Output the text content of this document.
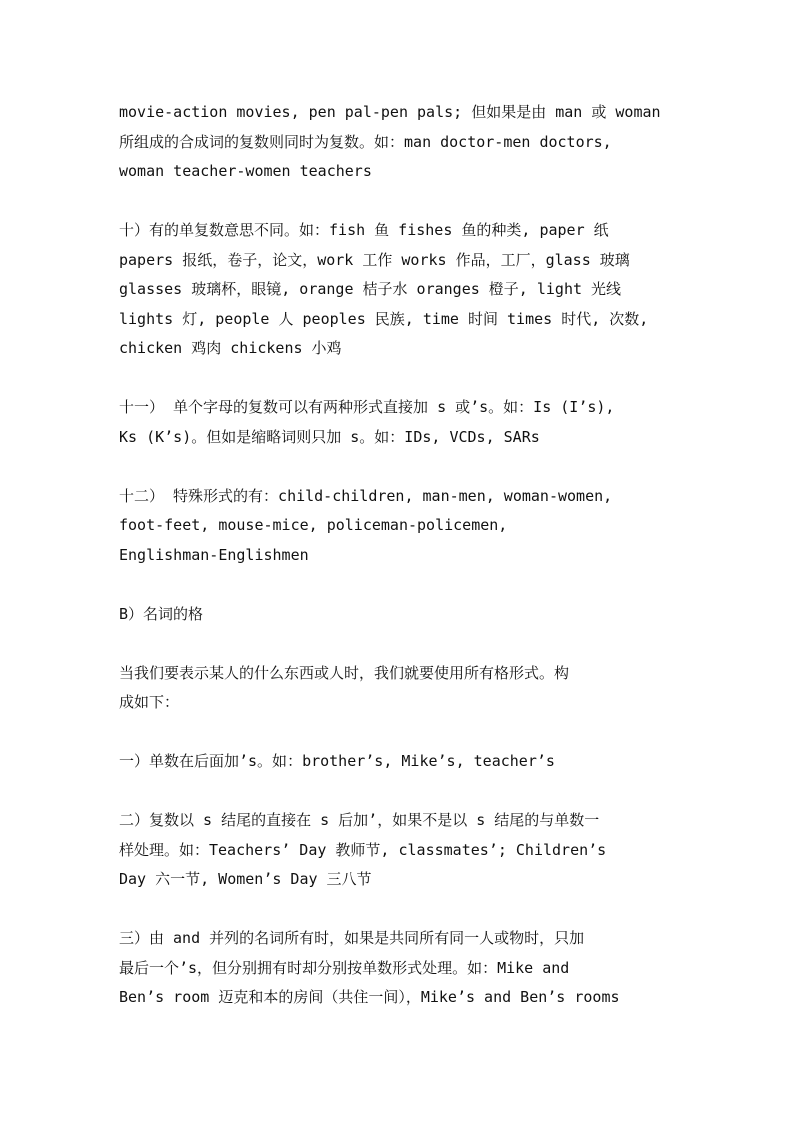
movie-action movies, pen pal-pen pals; 但如果是由 man 或 woman
所组成的合成词的复数则同时为复数。如：man doctor-men doctors,
woman teacher-women teachers

十）有的单复数意思不同。如：fish 鱼 fishes 鱼的种类, paper 纸
papers 报纸，卷子，论文，work 工作 works 作品，工厂，glass 玻璃
glasses 玻璃杯，眼镜, orange 桔子水 oranges 橙子, light 光线
lights 灯, people 人 peoples 民族, time 时间 times 时代, 次数,
chicken 鸡肉 chickens 小鸡

十一） 单个字母的复数可以有两种形式直接加 s 或’s。如：Is (I’s),
Ks (K’s)。但如是缩略词则只加 s。如：IDs, VCDs, SARs

十二） 特殊形式的有：child-children, man-men, woman-women,
foot-feet, mouse-mice, policeman-policemen,
Englishman-Englishmen

B）名词的格

当我们要表示某人的什么东西或人时，我们就要使用所有格形式。构
成如下：

一）单数在后面加’s。如：brother’s, Mike’s, teacher’s

二）复数以 s 结尾的直接在 s 后加’，如果不是以 s 结尾的与单数一
样处理。如：Teachers’ Day 教师节, classmates’; Children’s
Day 六一节, Women’s Day 三八节

三）由 and 并列的名词所有时，如果是共同所有同一人或物时，只加
最后一个’s，但分别拥有时却分别按单数形式处理。如：Mike and
Ben’s room 迈克和本的房间（共住一间），Mike’s and Ben’s rooms
